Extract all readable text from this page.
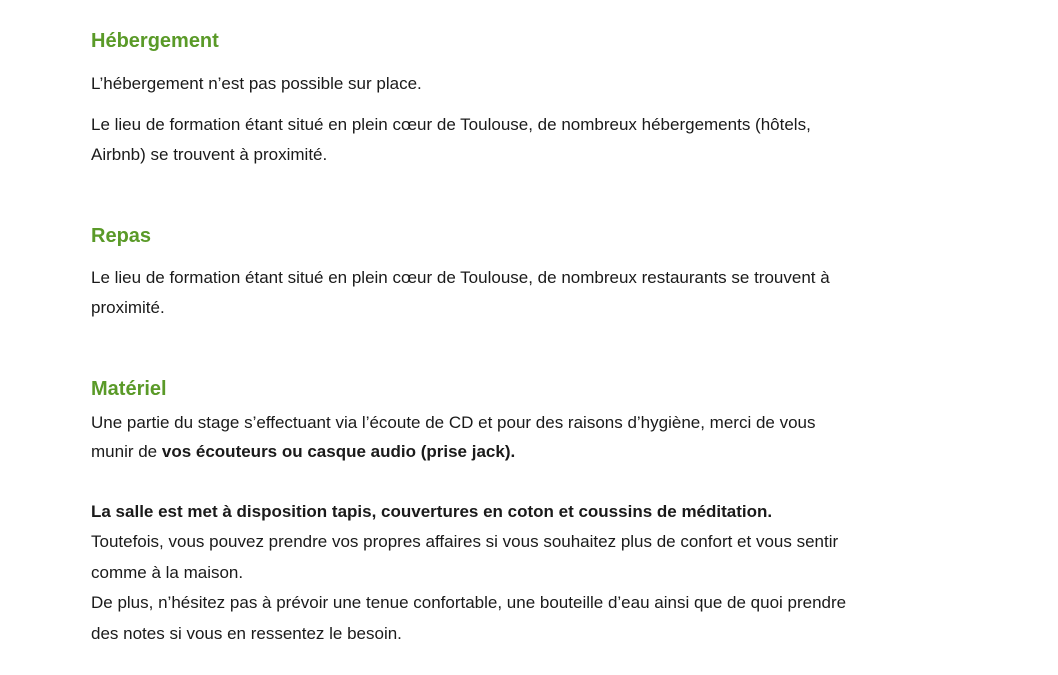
Hébergement
L’hébergement n’est pas possible sur place.
Le lieu de formation étant situé en plein cœur de Toulouse, de nombreux hébergements (hôtels,
Airbnb) se trouvent à proximité.
Repas
Le lieu de formation étant situé en plein cœur de Toulouse, de nombreux restaurants se trouvent à
proximité.
Matériel
Une partie du stage s’effectuant via l’écoute de CD et pour des raisons d’hygiène, merci de vous
munir de vos écouteurs ou casque audio (prise jack).
La salle est met à disposition tapis, couvertures en coton et coussins de méditation.
Toutefois, vous pouvez prendre vos propres affaires si vous souhaitez plus de confort et vous sentir
comme à la maison.
De plus, n’hésitez pas à prévoir une tenue confortable, une bouteille d’eau ainsi que de quoi prendre
des notes si vous en ressentez le besoin.
